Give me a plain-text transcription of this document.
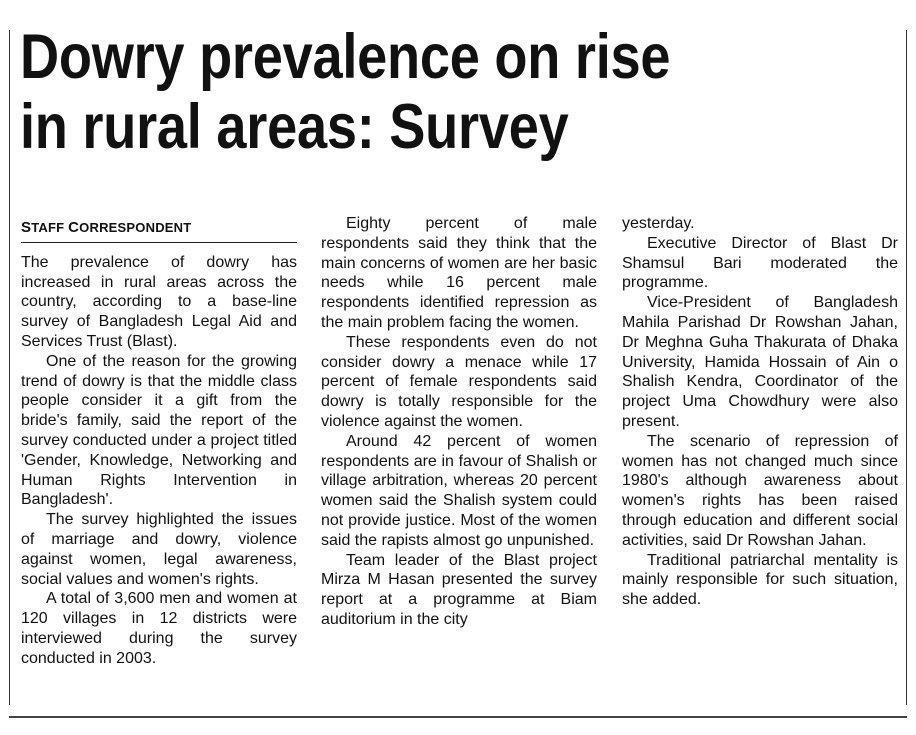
Dowry prevalence on rise
in rural areas: Survey
STAFF CORRESPONDENT

The prevalence of dowry has increased in rural areas across the country, according to a base-line survey of Bangladesh Legal Aid and Services Trust (Blast).

One of the reason for the growing trend of dowry is that the middle class people consider it a gift from the bride's family, said the report of the survey conducted under a project titled 'Gender, Knowledge, Networking and Human Rights Intervention in Bangladesh'.

The survey highlighted the issues of marriage and dowry, violence against women, legal awareness, social values and women's rights.

A total of 3,600 men and women at 120 villages in 12 districts were interviewed during the survey conducted in 2003.

Eighty percent of male respondents said they think that the main concerns of women are her basic needs while 16 percent male respondents identified repression as the main problem facing the women.

These respondents even do not consider dowry a menace while 17 percent of female respondents said dowry is totally responsible for the violence against the women.

Around 42 percent of women respondents are in favour of Shalish or village arbitration, whereas 20 percent women said the Shalish system could not provide justice. Most of the women said the rapists almost go unpunished.

Team leader of the Blast project Mirza M Hasan presented the survey report at a programme at Biam auditorium in the city

yesterday.

Executive Director of Blast Dr Shamsul Bari moderated the programme.

Vice-President of Bangladesh Mahila Parishad Dr Rowshan Jahan, Dr Meghna Guha Thakurata of Dhaka University, Hamida Hossain of Ain o Shalish Kendra, Coordinator of the project Uma Chowdhury were also present.

The scenario of repression of women has not changed much since 1980's although awareness about women's rights has been raised through education and different social activities, said Dr Rowshan Jahan.

Traditional patriarchal mentality is mainly responsible for such situation, she added.
